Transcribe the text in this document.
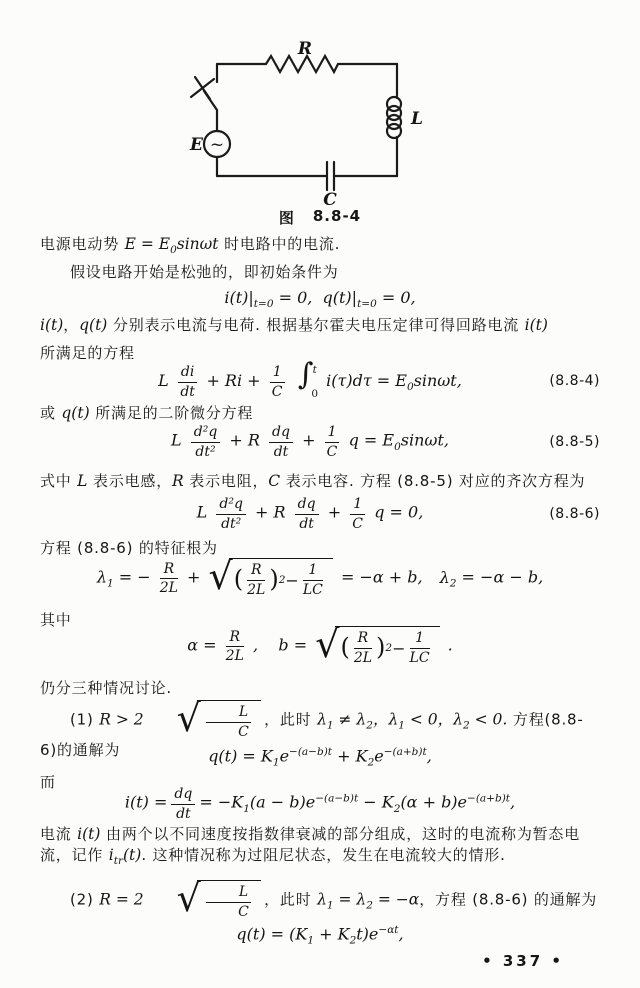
R
L
C
E ~
图 8.8-4

电源电动势 $E = E_0\sin\omega t$ 时电路中的电流.

假设电路开始是松弛的，即初始条件为

$i(t)|_{t=0} = 0$,  $q(t)|_{t=0} = 0$,

i(t)，q(t) 分别表示电流与电荷. 根据基尔霍夫电压定律可得回路电流 i(t)

所满足的方程

L $\frac{di}{dt} + Ri + \frac{1}{C}$ ∫ t
0
$i(\tau)d\tau = E_0\sin\omega t$,	(8.8-4)

或 q(t) 所满足的二阶微分方程

L $\frac{\text{d²q}}{\text{dt²}} + R \frac{dq}{dt} + \frac{1}{C}$ $q = E_0\sin\omega t$,	(8.8-5)

式中 L 表示电感，R 表示电阻，C 表示电容. 方程 (8.8-5) 对应的齐次方程为

L $\frac{\text{d²q}}{\text{dt²}} + R \frac{dq}{dt} + \frac{1}{C}$ q = 0,	(8.8-6)

方程 (8.8-6) 的特征根为

$\lambda_1$ = − $\frac{R}{2L}$ + √ ( $\frac{R}{2L}$ ) $2 - \frac{1}{LC} = -\alpha + b$, $\lambda_2 = -\alpha - b$,

其中

$\alpha = \frac{R}{2L}$ ,    b = √ ( $\frac{R}{2L}$ ) $2 - \frac{1}{LC}$ .

仍分三种情况讨论.

(1) R > 2 √ $\frac{L}{C}$ ，此时 $\lambda_1 \ne \lambda_2$，$\lambda_1 < 0$，$\lambda_2 < 0$. 方程(8.8-6)的通解为	$q(t) = K_1e^{-(a-b)t} + K_2e^{-(a+b)t}$,

而

$i(t) = \frac{dq}{dt} = -K_1(a - b)e^{-(a-b)t} - K_2(\alpha + b)e^{-(a+b)t}$,

电流 i(t) 由两个以不同速度按指数律衰减的部分组成，这时的电流称为暂态电流，记作 $i_{tr}(t)$. 这种情况称为过阻尼状态，发生在电流较大的情形.

(2) R = 2 √ $\frac{L}{C}$ ，此时 $\lambda_1 = \lambda_2 = -\alpha$，方程 (8.8-6) 的通解为

$q(t) = (K_1 + K_2t)e^{-\alpha t}$,
• 337 •
